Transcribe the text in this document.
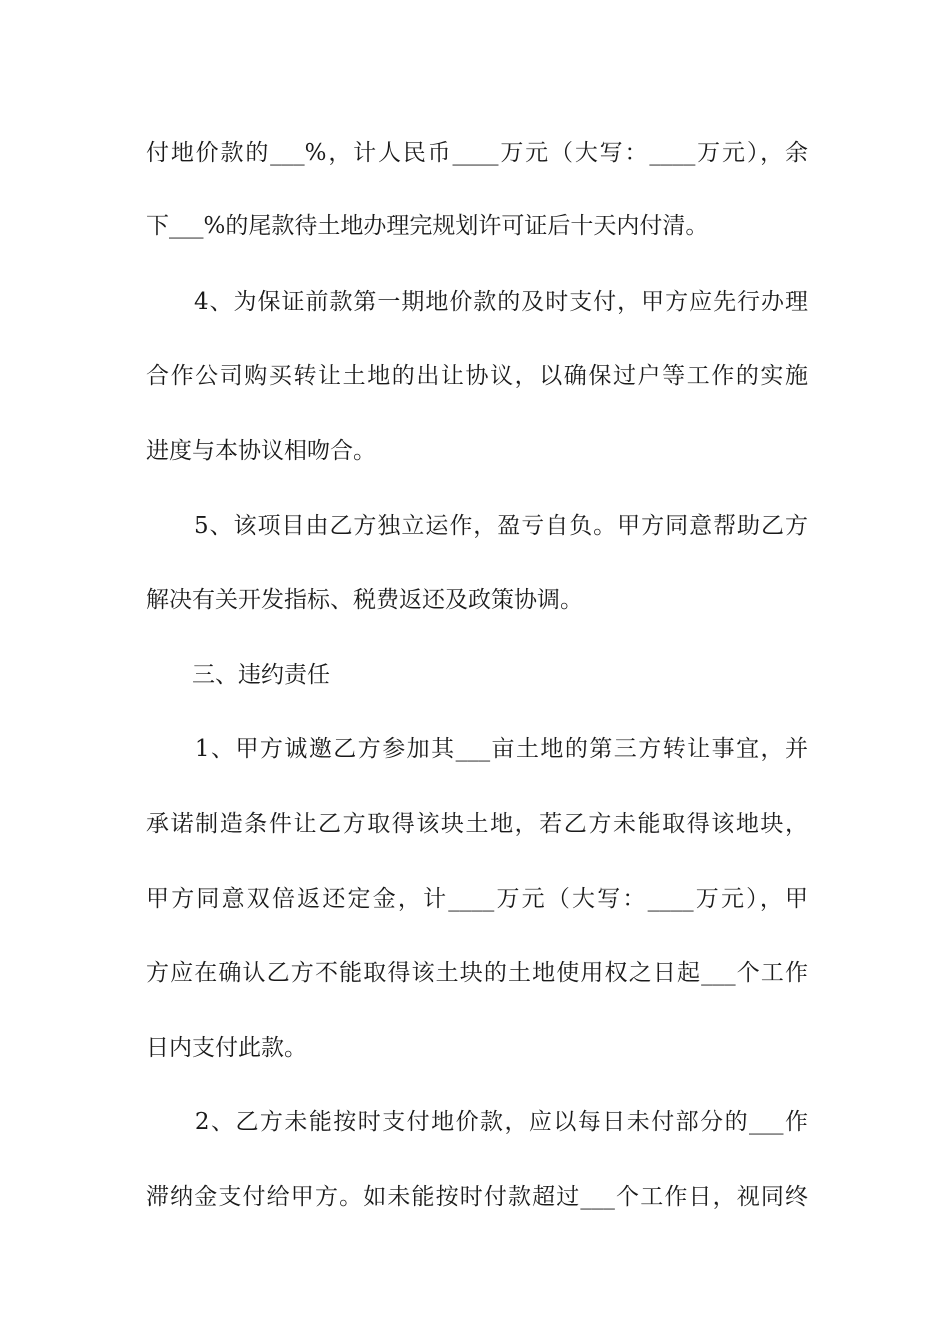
付地价款的___%，计人民币____万元（大写：____万元），余
下___%的尾款待土地办理完规划许可证后十天内付清。
　　4、为保证前款第一期地价款的及时支付，甲方应先行办理
合作公司购买转让土地的出让协议，以确保过户等工作的实施
进度与本协议相吻合。
　　5、该项目由乙方独立运作，盈亏自负。甲方同意帮助乙方
解决有关开发指标、税费返还及政策协调。
　　三、违约责任
　　1、甲方诚邀乙方参加其___亩土地的第三方转让事宜，并
承诺制造条件让乙方取得该块土地，若乙方未能取得该地块，
甲方同意双倍返还定金，计____万元（大写：____万元），甲
方应在确认乙方不能取得该土块的土地使用权之日起___个工作
日内支付此款。
　　2、乙方未能按时支付地价款，应以每日未付部分的___作
滞纳金支付给甲方。如未能按时付款超过___个工作日，视同终
